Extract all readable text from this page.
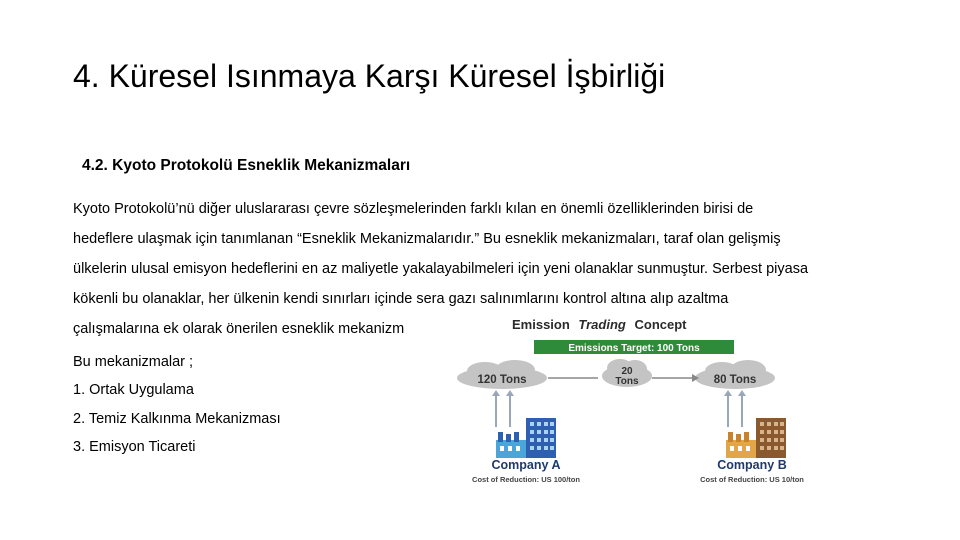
4. Küresel Isınmaya Karşı Küresel İşbirliği
4.2. Kyoto Protokolü Esneklik Mekanizmaları
Kyoto Protokolü’nü diğer uluslararası çevre sözleşmelerinden farklı kılan en önemli özelliklerinden birisi de
hedeflere ulaşmak için tanımlanan “Esneklik Mekanizmalarıdır.” Bu esneklik mekanizmaları, taraf olan gelişmiş
ülkelerin ulusal emisyon hedeflerini en az maliyetle yakalayabilmeleri için yeni olanaklar sunmuştur. Serbest piyasa
kökenli bu olanaklar, her ülkenin kendi sınırları içinde sera gazı salınımlarını kontrol altına alıp azaltma
çalışmalarına ek olarak önerilen esneklik mekanizm
Bu mekanizmalar ;
1. Ortak Uygulama
2. Temiz Kalkınma Mekanizması
3. Emisyon Ticareti
Emission Trading Concept
Emissions Target: 100 Tons
120 Tons
20
Tons	80 Tons
Company A	Company B
Cost of Reduction: US 100/ton	Cost of Reduction: US 10/ton
